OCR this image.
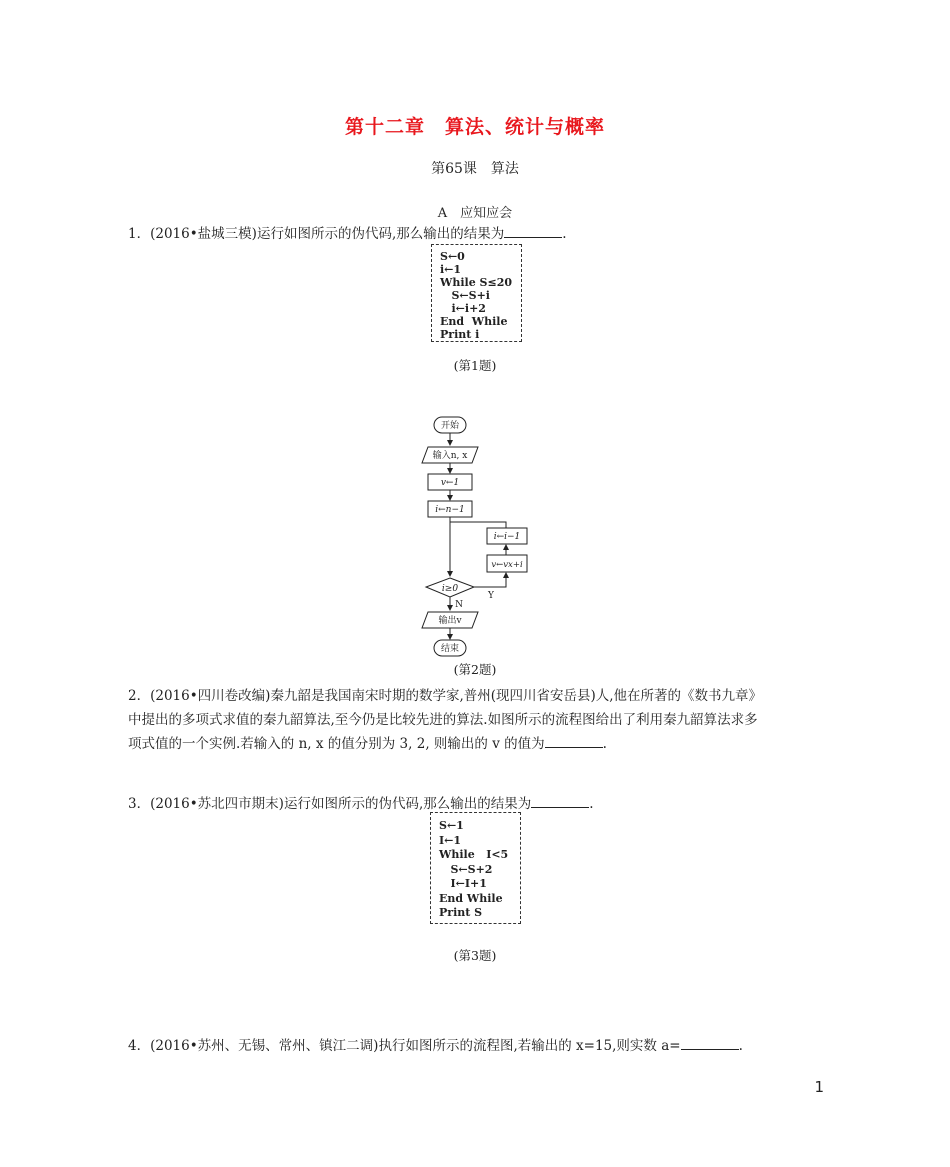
第十二章　算法、统计与概率
第65课　算法
A　应知应会
1．(2016•盐城三模)运行如图所示的伪代码,那么输出的结果为	.
S←0
i←1
While S≤20
S←S+i
i←i+2
End  While
Print i
(第1题)
开始
输入n, x
v←1
i←n−1
i←i−1
v←vx+i
i≥0
Y
N
输出v
结束
(第2题)
2．(2016•四川卷改编)秦九韶是我国南宋时期的数学家,普州(现四川省安岳县)人,他在所著的《数书九章》
中提出的多项式求值的秦九韶算法,至今仍是比较先进的算法.如图所示的流程图给出了利用秦九韶算法求多
项式值的一个实例.若输入的 n, x 的值分别为 3, 2, 则输出的 v 的值为	.
3．(2016•苏北四市期末)运行如图所示的伪代码,那么输出的结果为	.
S←1
I←1
While   I<5
S←S+2
I←I+1
End While
Print S
(第3题)
4．(2016•苏州、无锡、常州、镇江二调)执行如图所示的流程图,若输出的 x=15,则实数 a=	.
1
